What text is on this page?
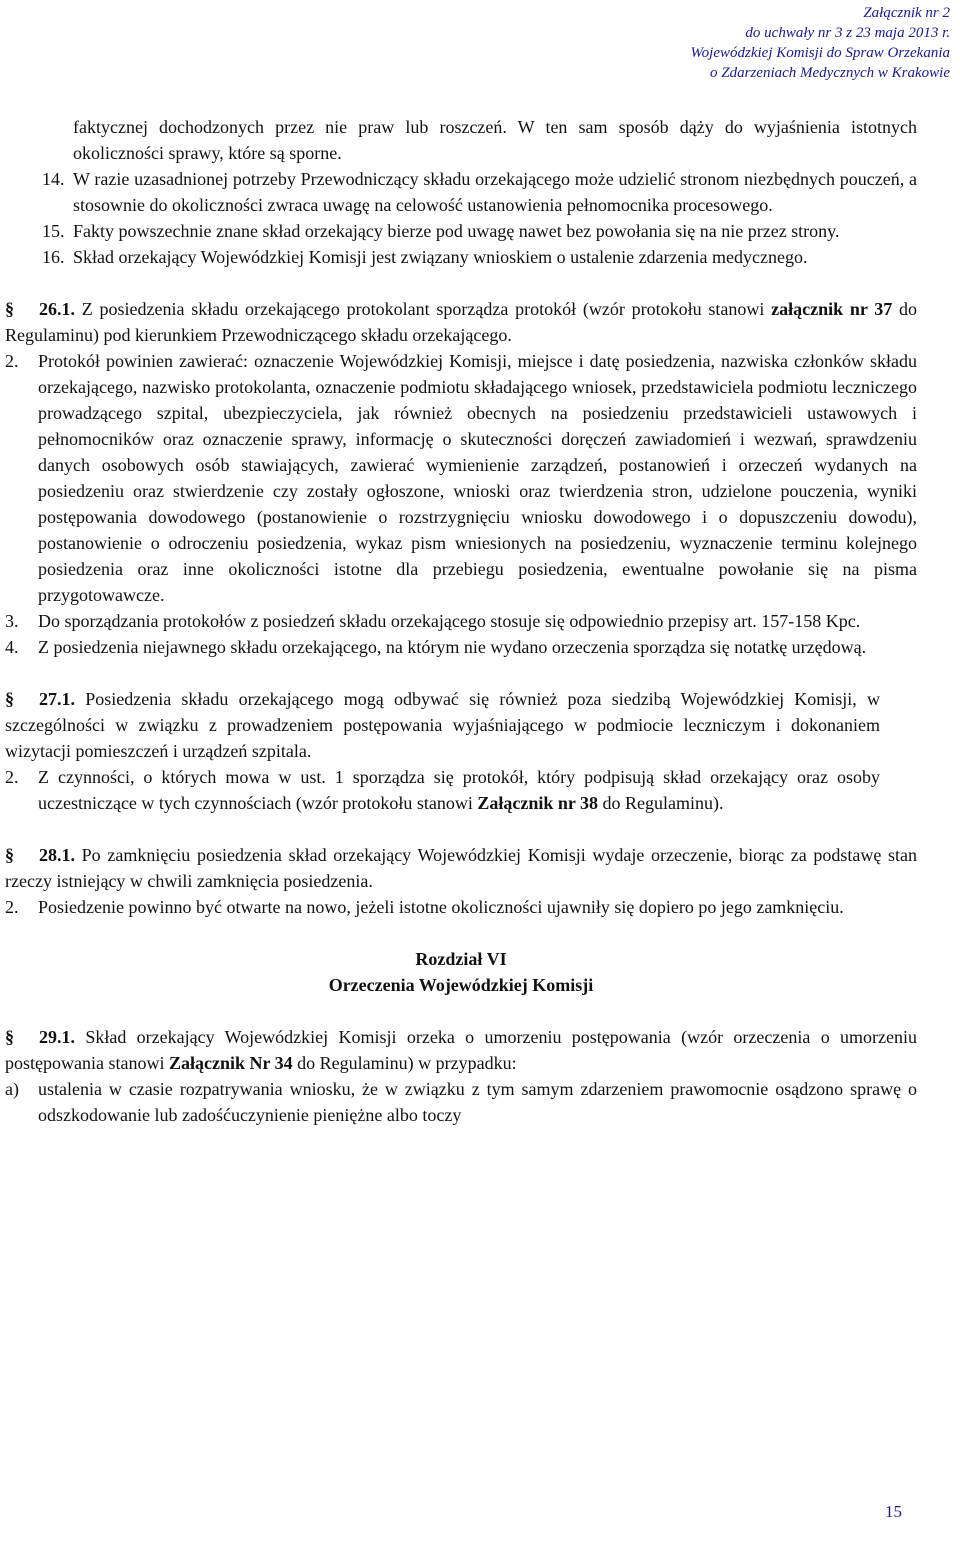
Załącznik nr 2
do uchwały nr 3 z 23 maja 2013 r.
Wojewódzkiej Komisji do Spraw Orzekania
o Zdarzeniach Medycznych w Krakowie
faktycznej dochodzonych przez nie praw lub roszczeń. W ten sam sposób dąży do wyjaśnienia istotnych okoliczności sprawy, które są sporne.
14. W razie uzasadnionej potrzeby Przewodniczący składu orzekającego może udzielić stronom niezbędnych pouczeń, a stosownie do okoliczności zwraca uwagę na celowość ustanowienia pełnomocnika procesowego.
15. Fakty powszechnie znane skład orzekający bierze pod uwagę nawet bez powołania się na nie przez strony.
16. Skład orzekający Wojewódzkiej Komisji jest związany wnioskiem o ustalenie zdarzenia medycznego.
§ 26.1. Z posiedzenia składu orzekającego protokolant sporządza protokół (wzór protokołu stanowi załącznik nr 37 do Regulaminu) pod kierunkiem Przewodniczącego składu orzekającego.
2. Protokół powinien zawierać: oznaczenie Wojewódzkiej Komisji, miejsce i datę posiedzenia, nazwiska członków składu orzekającego, nazwisko protokolanta, oznaczenie podmiotu składającego wniosek, przedstawiciela podmiotu leczniczego prowadzącego szpital, ubezpieczyciela, jak również obecnych na posiedzeniu przedstawicieli ustawowych i pełnomocników oraz oznaczenie sprawy, informację o skuteczności doręczeń zawiadomień i wezwań, sprawdzeniu danych osobowych osób stawiających, zawierać wymienienie zarządzeń, postanowień i orzeczeń wydanych na posiedzeniu oraz stwierdzenie czy zostały ogłoszone, wnioski oraz twierdzenia stron, udzielone pouczenia, wyniki postępowania dowodowego (postanowienie o rozstrzygnięciu wniosku dowodowego i o dopuszczeniu dowodu), postanowienie o odroczeniu posiedzenia, wykaz pism wniesionych na posiedzeniu, wyznaczenie terminu kolejnego posiedzenia oraz inne okoliczności istotne dla przebiegu posiedzenia, ewentualne powołanie się na pisma przygotowawcze.
3. Do sporządzania protokołów z posiedzeń składu orzekającego stosuje się odpowiednio przepisy art. 157-158 Kpc.
4. Z posiedzenia niejawnego składu orzekającego, na którym nie wydano orzeczenia sporządza się notatkę urzędową.
§ 27.1. Posiedzenia składu orzekającego mogą odbywać się również poza siedzibą Wojewódzkiej Komisji, w szczególności w związku z prowadzeniem postępowania wyjaśniającego w podmiocie leczniczym i dokonaniem wizytacji pomieszczeń i urządzeń szpitala.
2. Z czynności, o których mowa w ust. 1 sporządza się protokół, który podpisują skład orzekający oraz osoby uczestniczące w tych czynnościach (wzór protokołu stanowi Załącznik nr 38 do Regulaminu).
§ 28.1. Po zamknięciu posiedzenia skład orzekający Wojewódzkiej Komisji wydaje orzeczenie, biorąc za podstawę stan rzeczy istniejący w chwili zamknięcia posiedzenia.
2. Posiedzenie powinno być otwarte na nowo, jeżeli istotne okoliczności ujawniły się dopiero po jego zamknięciu.
Rozdział VI
Orzeczenia Wojewódzkiej Komisji
§ 29.1. Skład orzekający Wojewódzkiej Komisji orzeka o umorzeniu postępowania (wzór orzeczenia o umorzeniu postępowania stanowi Załącznik Nr 34 do Regulaminu) w przypadku:
a) ustalenia w czasie rozpatrywania wniosku, że w związku z tym samym zdarzeniem prawomocnie osądzono sprawę o odszkodowanie lub zadośćuczynienie pieniężne albo toczy
15
